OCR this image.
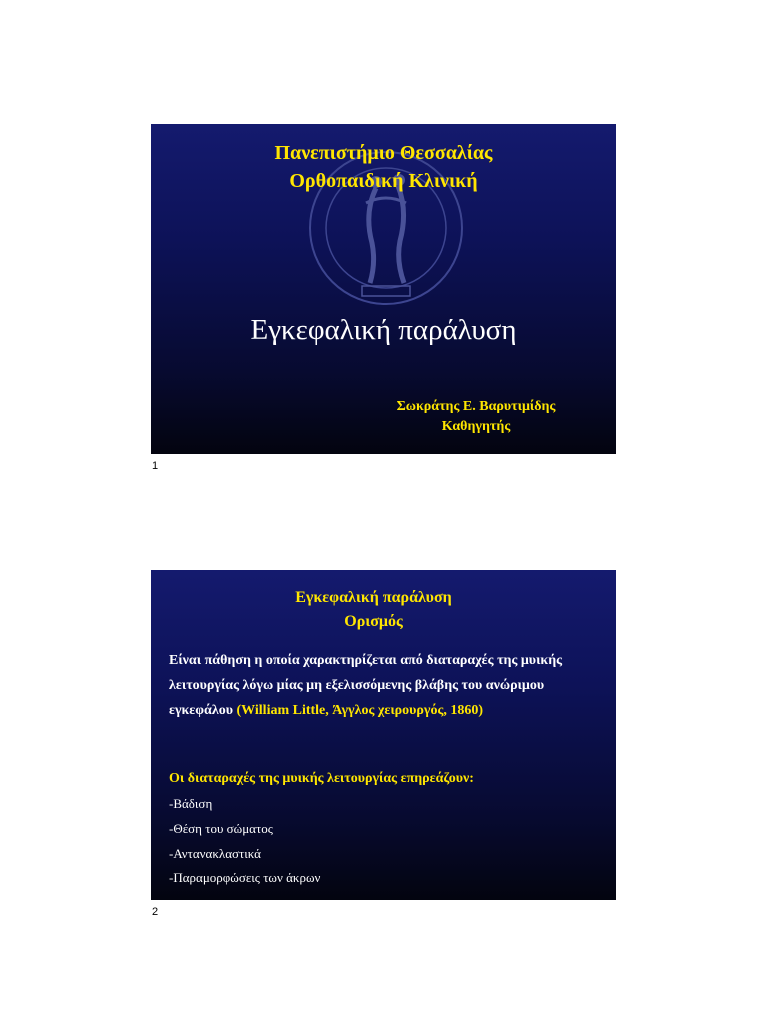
Πανεπιστήμιο Θεσσαλίας
Ορθοπαιδική Κλινική
Εγκεφαλική παράλυση
Σωκράτης Ε. Βαρυτιμίδης
Καθηγητής
1
Εγκεφαλική παράλυση
Ορισμός
Είναι πάθηση η οποία χαρακτηρίζεται από διαταραχές της μυικής λειτουργίας λόγω μίας μη εξελισσόμενης βλάβης του ανώριμου εγκεφάλου (William Little, Άγγλος χειρουργός, 1860)
Οι διαταραχές της μυικής λειτουργίας επηρεάζουν:
-Βάδιση
-Θέση του σώματος
-Αντανακλαστικά
-Παραμορφώσεις των άκρων
2
